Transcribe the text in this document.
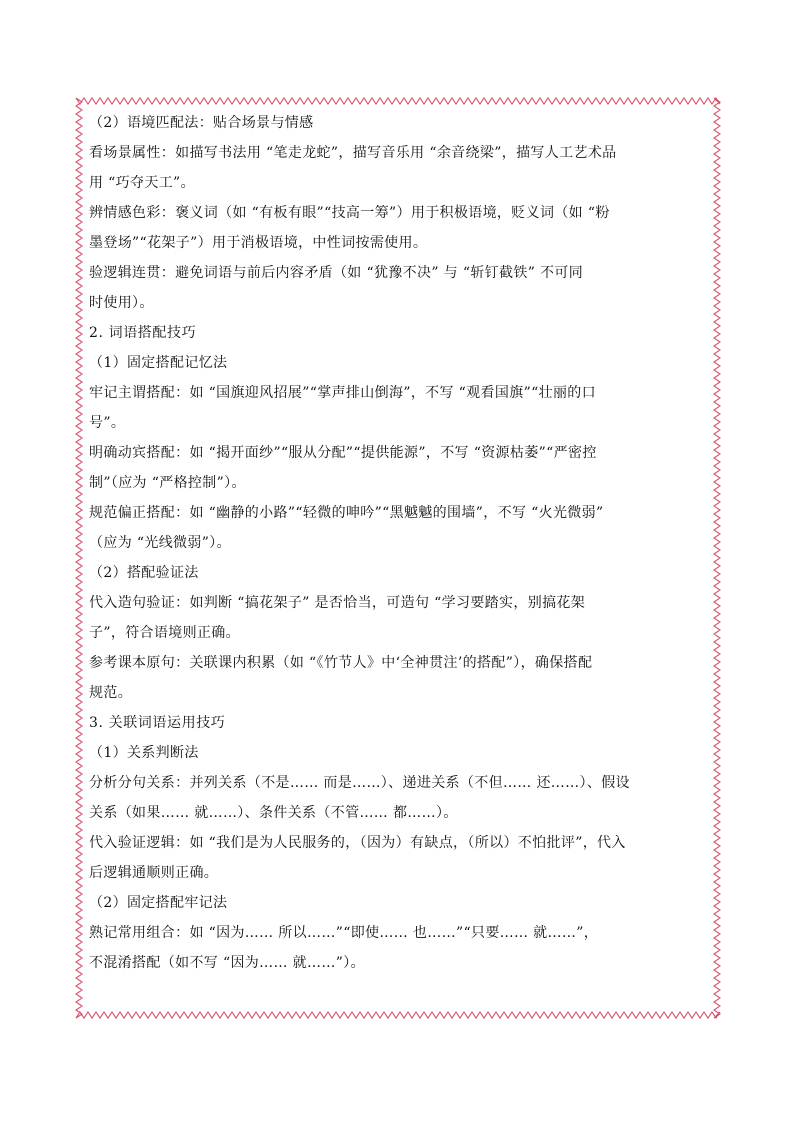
（2）语境匹配法：贴合场景与情感
看场景属性：如描写书法用 “笔走龙蛇”，描写音乐用 “余音绕梁”，描写人工艺术品
用 “巧夺天工”。
辨情感色彩：褒义词（如 “有板有眼”“技高一筹”）用于积极语境，贬义词（如 “粉
墨登场”“花架子”）用于消极语境，中性词按需使用。
验逻辑连贯：避免词语与前后内容矛盾（如 “犹豫不决” 与 “斩钉截铁” 不可同
时使用）。
2. 词语搭配技巧
（1）固定搭配记忆法
牢记主谓搭配：如 “国旗迎风招展”“掌声排山倒海”，不写 “观看国旗”“壮丽的口
号”。
明确动宾搭配：如 “揭开面纱”“服从分配”“提供能源”，不写 “资源枯萎”“严密控
制”（应为 “严格控制”）。
规范偏正搭配：如 “幽静的小路”“轻微的呻吟”“黑魆魆的围墙”，不写 “火光微弱”
（应为 “光线微弱”）。
（2）搭配验证法
代入造句验证：如判断 “搞花架子” 是否恰当，可造句 “学习要踏实，别搞花架
子”，符合语境则正确。
参考课本原句：关联课内积累（如 “《竹节人》中‘全神贯注’的搭配”），确保搭配
规范。
3. 关联词语运用技巧
（1）关系判断法
分析分句关系：并列关系（不是…… 而是……）、递进关系（不但…… 还……）、假设
关系（如果…… 就……）、条件关系（不管…… 都……）。
代入验证逻辑：如 “我们是为人民服务的，（因为）有缺点，（所以）不怕批评”，代入
后逻辑通顺则正确。
（2）固定搭配牢记法
熟记常用组合：如 “因为…… 所以……”“即使…… 也……”“只要…… 就……”，
不混淆搭配（如不写 “因为…… 就……”）。
